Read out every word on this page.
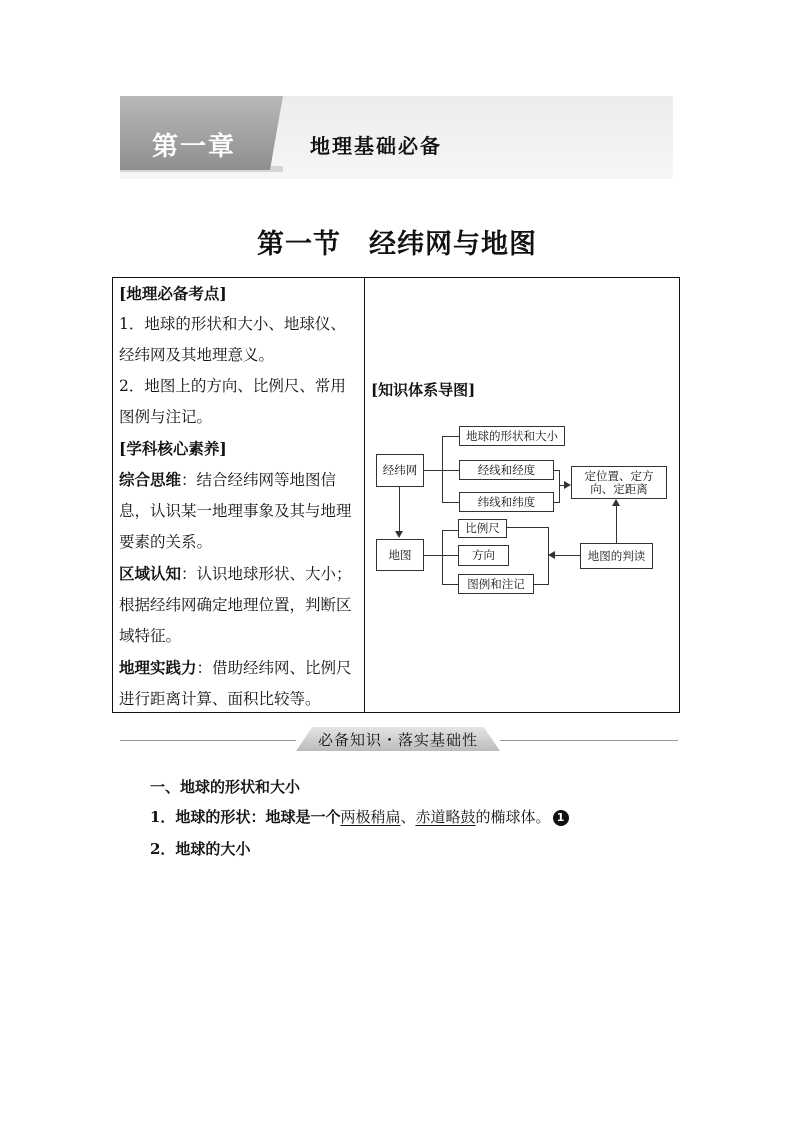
第一章	地理基础必备
第一节　经纬网与地图

[地理必备考点]

1．地球的形状和大小、地球仪、经纬网及其地理意义。

2．地图上的方向、比例尺、常用图例与注记。

[学科核心素养]

综合思维：结合经纬网等地图信息，认识某一地理事象及其与地理要素的关系。

区域认知：认识地球形状、大小；根据经纬网确定地理位置，判断区域特征。

地理实践力：借助经纬网、比例尺进行距离计算、面积比较等。

[知识体系导图]
经纬网
地球的形状和大小
经线和经度
纬线和纬度
定位置、定方向、定距离
地图
比例尺
方向
图例和注记
地图的判读
必备知识・落实基础性
一、地球的形状和大小
1．地球的形状：地球是一个两极稍扁、赤道略鼓的椭球体。 1
2．地球的大小
